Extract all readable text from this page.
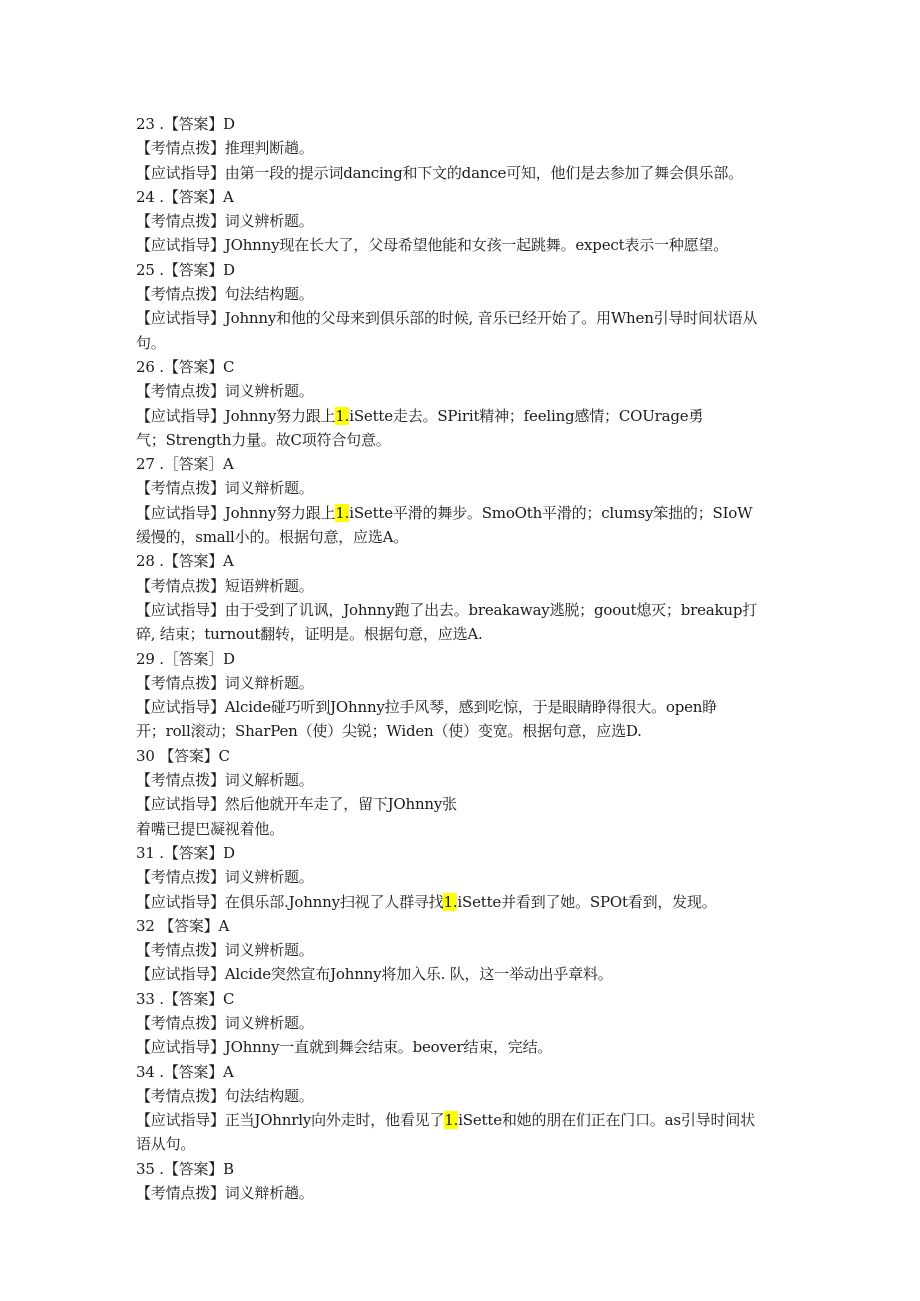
23 .【答案】D
【考情点拨】推理判断趟。
【应试指导】由第一段的提示词dancing和下文的dance可知，他们是去参加了舞会俱乐部。
24 .【答案】A
【考情点拨】词义辨析题。
【应试指导】JOhnny现在长大了，父母希望他能和女孩一起跳舞。expect表示一种愿望。
25 .【答案】D
【考情点拨】句法结构题。
【应试指导】Johnny和他的父母来到俱乐部的时候, 音乐已经开始了。用When引导时间状语从
句。
26 .【答案】C
【考情点拨】词义辨析题。
【应试指导】Johnny努力跟上1.iSette走去。SPirit精神；feeling感情；COUrage勇
气；Strength力量。故C项符合句意。
27 .［答案］A
【考情点拨】词义辩析题。
【应试指导】Johnny努力跟上1.iSette平滑的舞步。SmoOth平滑的；clumsy笨拙的；SIoW
缓慢的，small小的。根据句意，应选A。
28 .【答案】A
【考情点拨】短语辨析题。
【应试指导】由于受到了讥讽，Johnny跑了出去。breakaway逃脱；goout熄灭；breakup打
碎, 结束；turnout翻转，证明是。根据句意，应选A.
29 .［答案］D
【考情点拨】词义辩析题。
【应试指导】Alcide碰巧听到JOhnny拉手风琴，感到吃惊，于是眼睛睁得很大。open睁
开；roll滚动；SharPen（使）尖锐；Widen（使）变宽。根据句意，应选D.
30 【答案】C
【考情点拨】词义解析题。
【应试指导】然后他就开车走了，留下JOhnny张
着嘴已提巴凝视着他。
31 .【答案】D
【考情点拨】词义辨析题。
【应试指导】在俱乐部.Johnny扫视了人群寻找1.iSette并看到了她。SPOt看到，发现。
32 【答案】A
【考情点拨】词义辨析题。
【应试指导】Alcide突然宣布Johnny将加入乐. 队，这一举动出乎章料。
33 .【答案】C
【考情点拨】词义辨析题。
【应试指导】JOhnny一直就到舞会结束。beover结束，完结。
34 .【答案】A
【考情点拨】句法结构题。
【应试指导】正当JOhnrly向外走时，他看见了1.iSette和她的朋在们正在门口。as引导时间状
语从句。
35 .【答案】B
【考情点拨】词义辩析趟。
